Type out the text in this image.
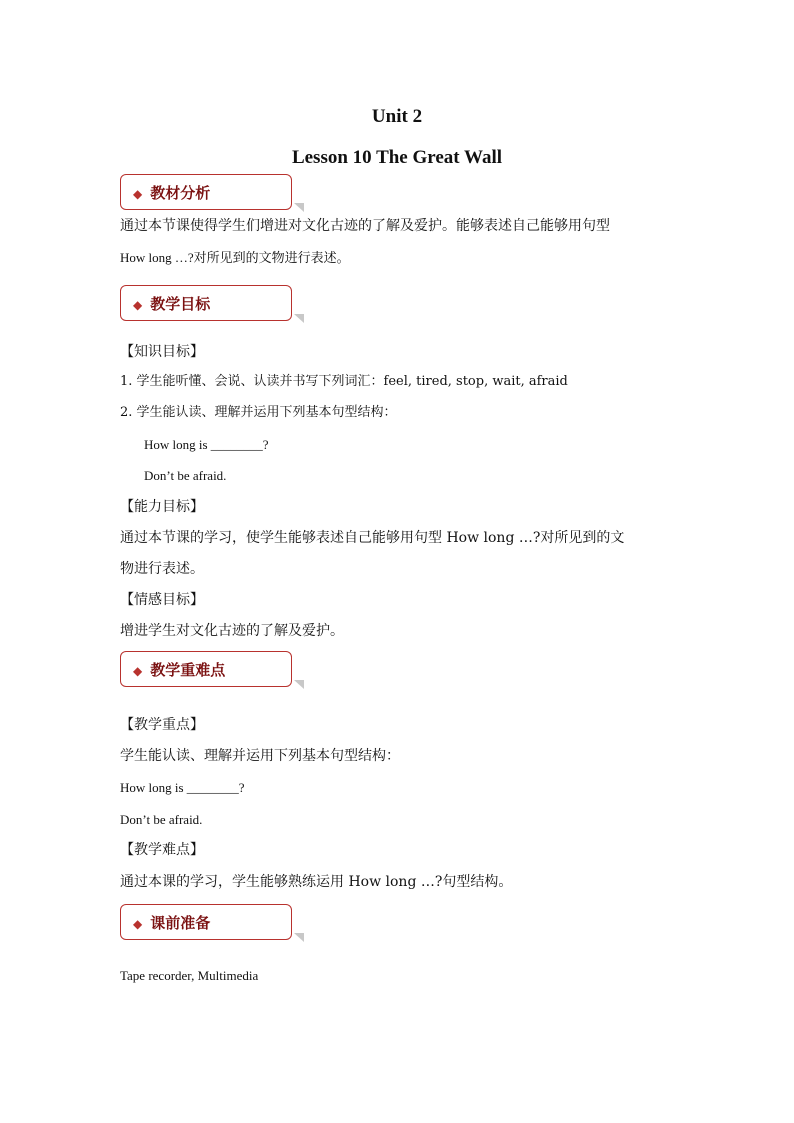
Unit 2
Lesson 10 The Great Wall
◆ 教材分析
通过本节课使得学生们增进对文化古迹的了解及爱护。能够表述自己能够用句型
How long …?对所见到的文物进行表述。
◆ 教学目标
【知识目标】
1. 学生能听懂、会说、认读并书写下列词汇：feel, tired, stop, wait, afraid
2. 学生能认读、理解并运用下列基本句型结构：
How long is ________?
Don’t be afraid.
【能力目标】
通过本节课的学习，使学生能够表述自己能够用句型 How long …?对所见到的文
物进行表述。
【情感目标】
增进学生对文化古迹的了解及爱护。
◆ 教学重难点
【教学重点】
学生能认读、理解并运用下列基本句型结构：
How long is ________?
Don’t be afraid.
【教学难点】
通过本课的学习，学生能够熟练运用 How long …?句型结构。
◆ 课前准备
Tape recorder, Multimedia
